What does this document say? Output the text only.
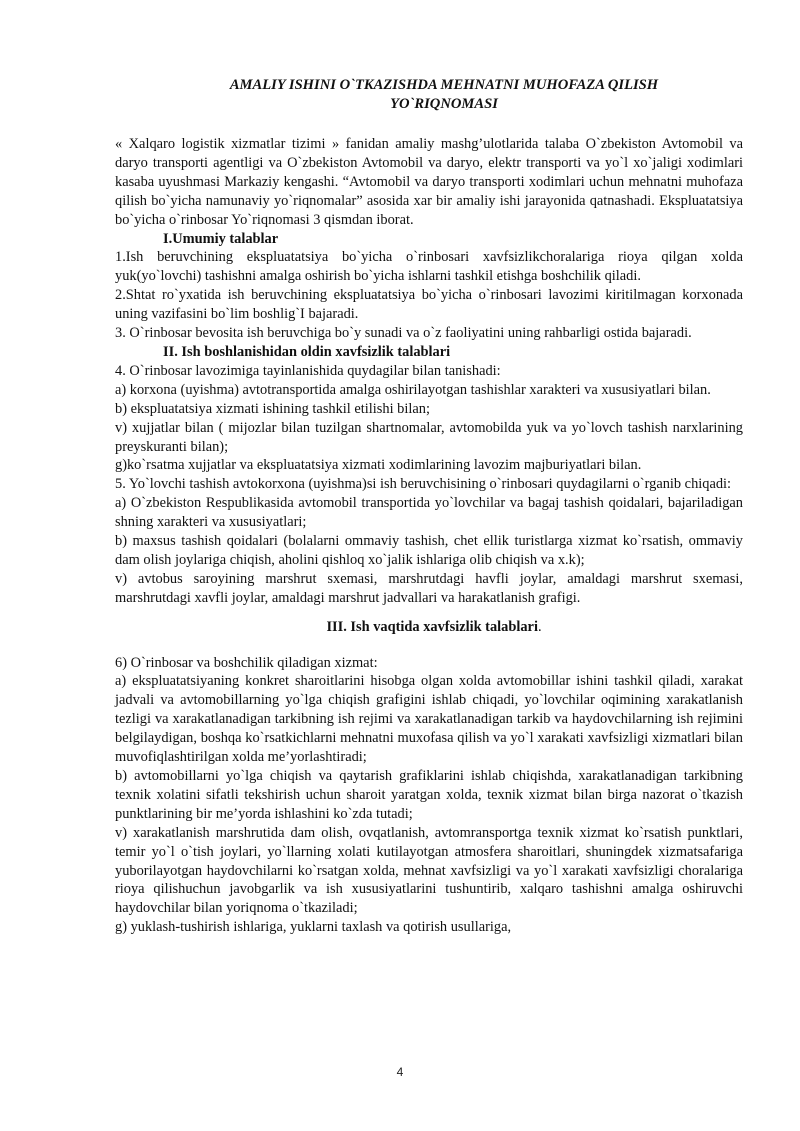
AMALIY ISHINI O`TKAZISHDA MEHNATNI MUHOFAZA QILISH
YO`RIQNOMASI

« Xalqaro logistik xizmatlar tizimi » fanidan amaliy mashg’ulotlarida talaba O`zbekiston Avtomobil va daryo transporti agentligi va O`zbekiston Avtomobil va daryo, elektr transporti va yo`l xo`jaligi xodimlari kasaba uyushmasi Markaziy kengashi. “Avtomobil va daryo transporti xodimlari uchun mehnatni muhofaza qilish bo`yicha namunaviy yo`riqnomalar” asosida xar bir amaliy ishi jarayonida qatnashadi. Ekspluatatsiya bo`yicha o`rinbosar Yo`riqnomasi 3 qismdan iborat.

I.Umumiy talablar

1.Ish beruvchining ekspluatatsiya bo`yicha o`rinbosari xavfsizlikchoralariga rioya qilgan xolda yuk(yo`lovchi) tashishni amalga oshirish bo`yicha ishlarni tashkil etishga boshchilik qiladi.

2.Shtat ro`yxatida ish beruvchining ekspluatatsiya bo`yicha o`rinbosari lavozimi kiritilmagan korxonada uning vazifasini bo`lim boshlig`I bajaradi.

3. O`rinbosar bevosita ish beruvchiga bo`y sunadi va o`z faoliyatini uning rahbarligi ostida bajaradi.

II. Ish boshlanishidan oldin xavfsizlik talablari

4. O`rinbosar lavozimiga tayinlanishida quydagilar bilan tanishadi:

a) korxona (uyishma) avtotransportida amalga oshirilayotgan tashishlar xarakteri va xususiyatlari bilan.

b) ekspluatatsiya xizmati ishining tashkil etilishi bilan;

v) xujjatlar bilan ( mijozlar bilan tuzilgan shartnomalar, avtomobilda yuk va yo`lovch tashish narxlarining preyskuranti bilan);

g)ko`rsatma xujjatlar va ekspluatatsiya xizmati xodimlarining lavozim majburiyatlari bilan.

5. Yo`lovchi tashish avtokorxona (uyishma)si ish beruvchisining o`rinbosari quydagilarni o`rganib chiqadi:

a) O`zbekiston Respublikasida avtomobil transportida yo`lovchilar va bagaj tashish qoidalari, bajariladigan shning xarakteri va xususiyatlari;

b) maxsus tashish qoidalari (bolalarni ommaviy tashish, chet ellik turistlarga xizmat ko`rsatish, ommaviy dam olish joylariga chiqish, aholini qishloq xo`jalik ishlariga olib chiqish va x.k);

v) avtobus saroyining marshrut sxemasi, marshrutdagi havfli joylar, amaldagi marshrut sxemasi, marshrutdagi xavfli joylar, amaldagi marshrut jadvallari va harakatlanish grafigi.

III. Ish vaqtida xavfsizlik talablari.

6) O`rinbosar va boshchilik qiladigan xizmat:

a) ekspluatatsiyaning konkret sharoitlarini hisobga olgan xolda avtomobillar ishini tashkil qiladi, xarakat jadvali va avtomobillarning yo`lga chiqish grafigini ishlab chiqadi, yo`lovchilar oqimining xarakatlanish tezligi va xarakatlanadigan tarkibning ish rejimi va xarakatlanadigan tarkib va haydovchilarning ish rejimini belgilaydigan, boshqa ko`rsatkichlarni mehnatni muxofasa qilish va yo`l xarakati xavfsizligi xizmatlari bilan muvofiqlashtirilgan xolda me’yorlashtiradi;

b) avtomobillarni yo`lga chiqish va qaytarish grafiklarini ishlab chiqishda, xarakatlanadigan tarkibning texnik xolatini sifatli tekshirish uchun sharoit yaratgan xolda, texnik xizmat bilan birga nazorat o`tkazish punktlarining bir me’yorda ishlashini ko`zda tutadi;

v) xarakatlanish marshrutida dam olish, ovqatlanish, avtomransportga texnik xizmat ko`rsatish punktlari, temir yo`l o`tish joylari, yo`llarning xolati kutilayotgan atmosfera sharoitlari, shuningdek xizmatsafariga yuborilayotgan haydovchilarni ko`rsatgan xolda, mehnat xavfsizligi va yo`l xarakati xavfsizligi choralariga rioya qilishuchun javobgarlik va ish xususiyatlarini tushuntirib, xalqaro tashishni amalga oshiruvchi haydovchilar bilan yoriqnoma o`tkaziladi;

g) yuklash-tushirish ishlariga, yuklarni taxlash va qotirish usullariga,

4
